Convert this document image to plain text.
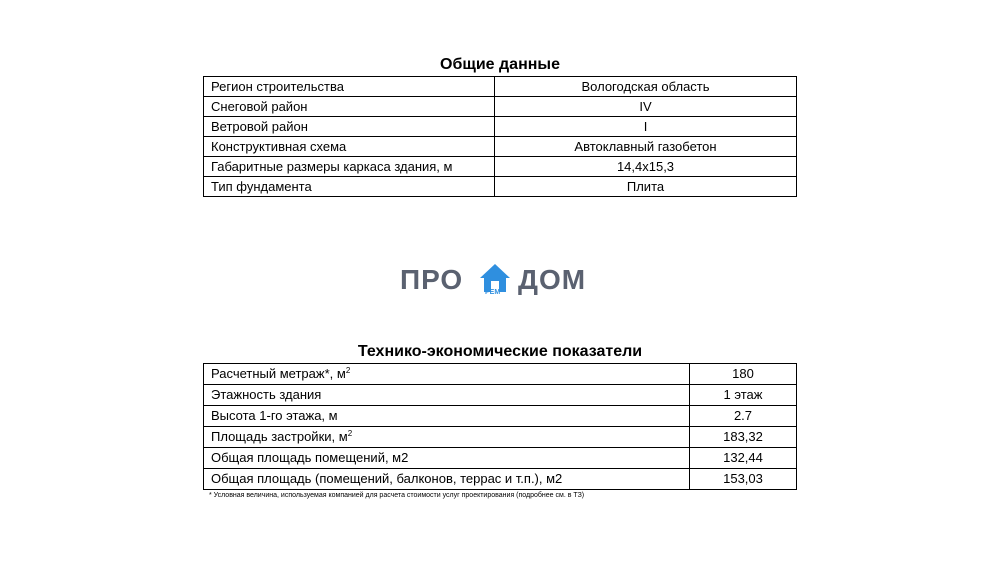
Общие данные
Регион строительства	Вологодская область
Снеговой район	IV
Ветровой район	I
Конструктивная схема	Автоклавный газобетон
Габаритные размеры каркаса здания, м	14,4x15,3
Тип фундамента	Плита
ПРО	РЕМ ДОМ
Технико-экономические показатели
Расчетный метраж*, $м^2$	180
Этажность здания	1 этаж
Высота 1-го этажа, м	2.7
Площадь застройки, $м^2$	183,32
Общая площадь помещений, м2	132,44
Общая площадь (помещений, балконов, террас и т.п.), м2	153,03
* Условная величина, используемая компанией для расчета стоимости услуг проектирования (подробнее см. в ТЗ)
